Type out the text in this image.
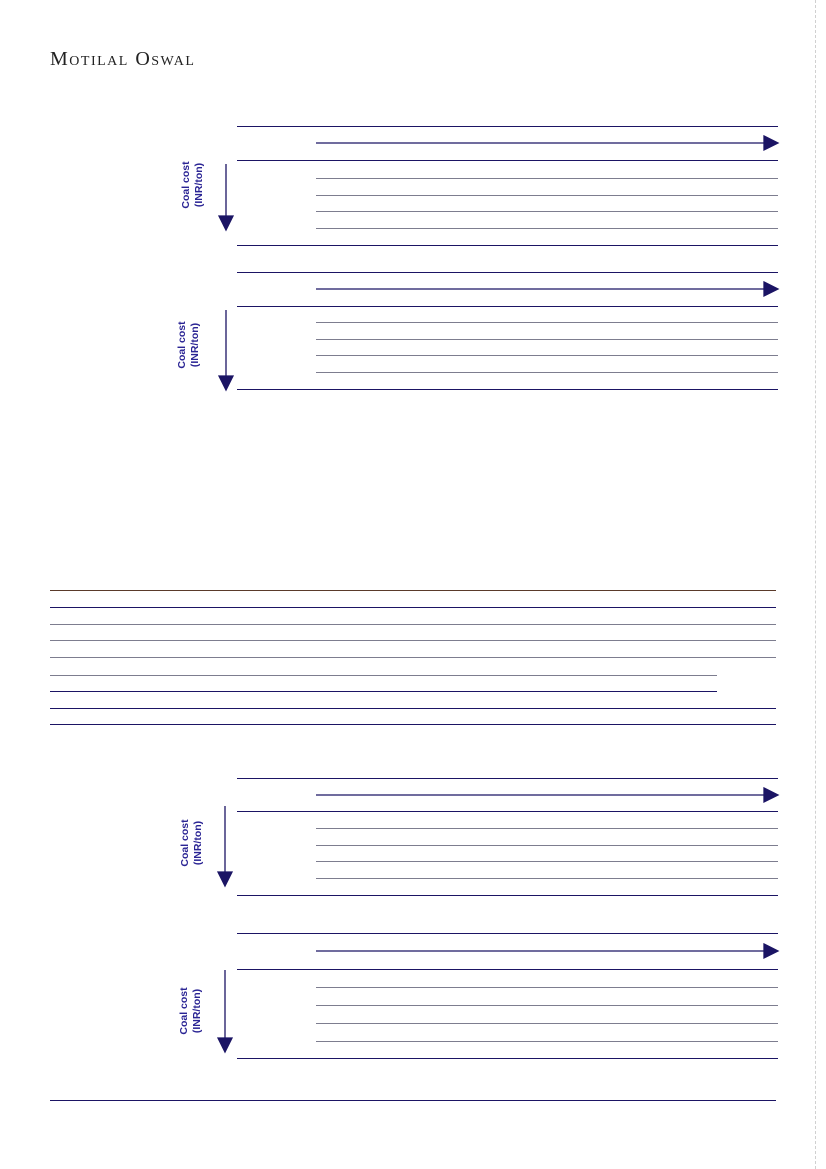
Motilal Oswal
Coal cost (INR/ton)
Coal cost (INR/ton)
Coal cost (INR/ton)
Coal cost (INR/ton)
